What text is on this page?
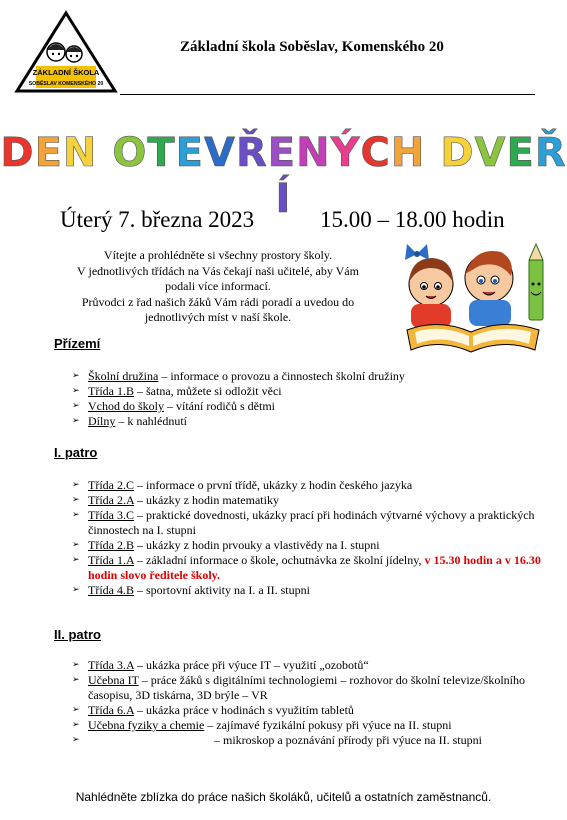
ZÁKLADNÍ ŠKOLA
SOBĚSLAV KOMENSKÉHO 20
Základní škola Soběslav, Komenského 20
DEN OTEVŘENÝCH DVEŘÍ
Úterý 7. března 2023	15.00 – 18.00 hodin
Vítejte a prohlédněte si všechny prostory školy.
V jednotlivých třídách na Vás čekají naši učitelé, aby Vám
podali více informací.
Průvodci z řad našich žáků Vám rádi poradí a uvedou do
jednotlivých míst v naší škole.
Přízemí
➢ Školní družina – informace o provozu a činnostech školní družiny
➢ Třída 1.B – šatna, můžete si odložit věci
➢ Vchod do školy – vítání rodičů s dětmi
➢ Dílny – k nahlédnutí
I. patro
➢ Třída 2.C – informace o první třídě, ukázky z hodin českého jazyka
➢ Třída 2.A – ukázky z hodin matematiky
➢ Třída 3.C – praktické dovednosti, ukázky prací při hodinách výtvarné výchovy a praktických činnostech na I. stupni
➢ Třída 2.B – ukázky z hodin prvouky a vlastivědy na I. stupni
➢ Třída 1.A – základní informace o škole, ochutnávka ze školní jídelny, v 15.30 hodin a v 16.30 hodin slovo ředitele školy.
➢ Třída 4.B – sportovní aktivity na I. a II. stupni
II. patro
➢ Třída 3.A – ukázka práce při výuce IT – využití „ozobotů“
➢ Učebna IT – práce žáků s digitálními technologiemi – rozhovor do školní televize/školního časopisu, 3D tiskárna, 3D brýle – VR
➢ Třída 6.A – ukázka práce v hodinách s využitím tabletů
➢ Učebna fyziky a chemie – zajímavé fyzikální pokusy při výuce na II. stupni
➢	– mikroskop a poznávání přírody při výuce na II. stupni
Nahlédněte zblízka do práce našich školáků, učitelů a ostatních zaměstnanců.
